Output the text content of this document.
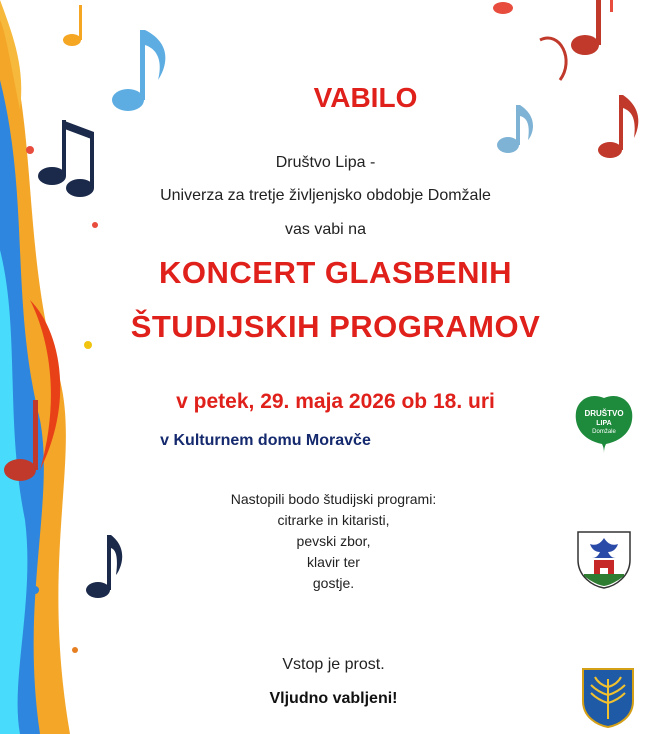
VABILO

Društvo Lipa -

Univerza za tretje življenjsko obdobje Domžale

vas vabi na

KONCERT GLASBENIH

ŠTUDIJSKIH PROGRAMOV

v petek, 29. maja 2026 ob 18. uri

v Kulturnem domu Moravče

Nastopili bodo študijski programi:

citrarke in kitaristi,

pevski zbor,

klavir ter

gostje.

Vstop je prost.

Vljudno vabljeni!

DRUŠTVO
LIPA
Domžale
